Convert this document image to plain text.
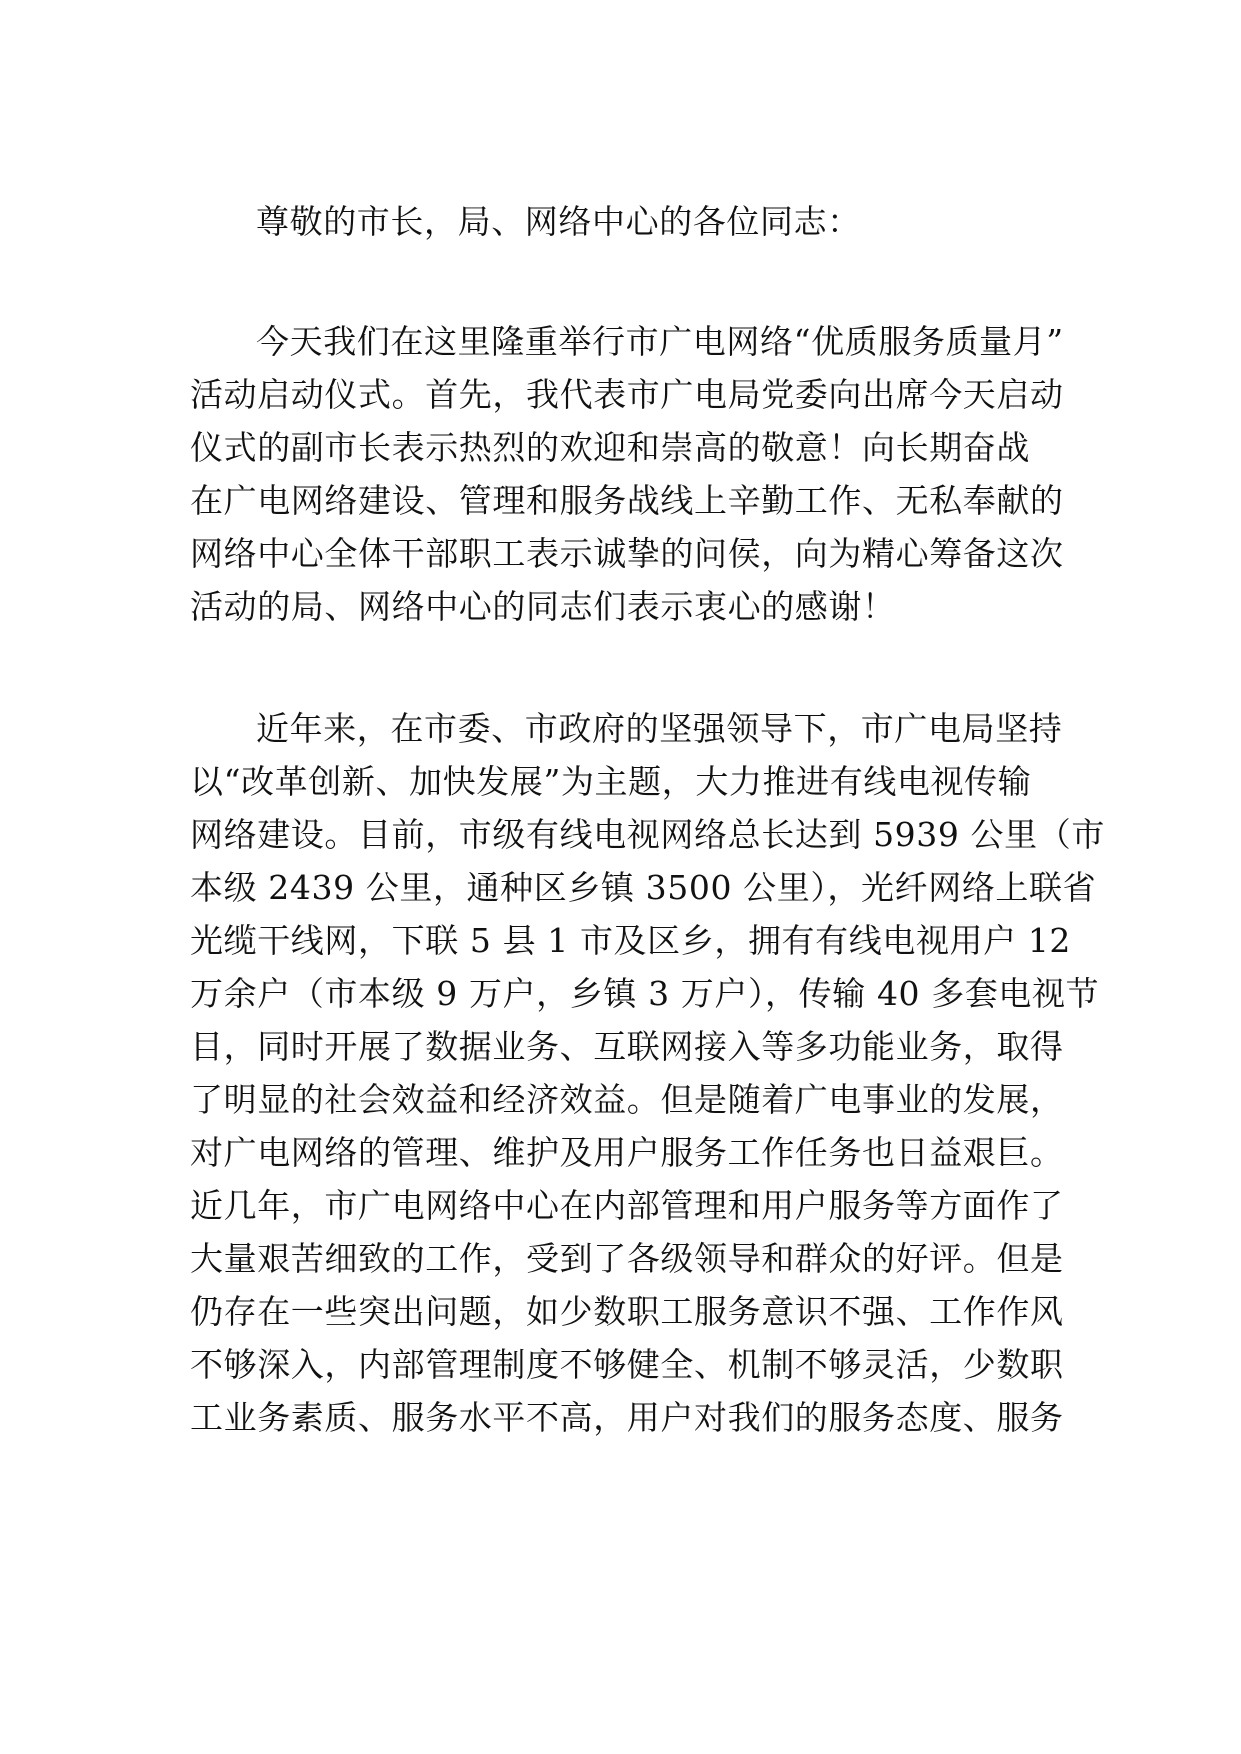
尊敬的市长，局、网络中心的各位同志：
今天我们在这里隆重举行市广电网络“优质服务质量月”
活动启动仪式。首先，我代表市广电局党委向出席今天启动
仪式的副市长表示热烈的欢迎和崇高的敬意！向长期奋战
在广电网络建设、管理和服务战线上辛勤工作、无私奉献的
网络中心全体干部职工表示诚挚的问侯，向为精心筹备这次
活动的局、网络中心的同志们表示衷心的感谢！
近年来，在市委、市政府的坚强领导下，市广电局坚持
以“改革创新、加快发展”为主题，大力推进有线电视传输
网络建设。目前，市级有线电视网络总长达到 5939 公里（市
本级 2439 公里，通种区乡镇 3500 公里），光纤网络上联省
光缆干线网，下联 5 县 1 市及区乡，拥有有线电视用户 12
万余户（市本级 9 万户，乡镇 3 万户），传输 40 多套电视节
目，同时开展了数据业务、互联网接入等多功能业务，取得
了明显的社会效益和经济效益。但是随着广电事业的发展，
对广电网络的管理、维护及用户服务工作任务也日益艰巨。
近几年，市广电网络中心在内部管理和用户服务等方面作了
大量艰苦细致的工作，受到了各级领导和群众的好评。但是
仍存在一些突出问题，如少数职工服务意识不强、工作作风
不够深入，内部管理制度不够健全、机制不够灵活，少数职
工业务素质、服务水平不高，用户对我们的服务态度、服务
